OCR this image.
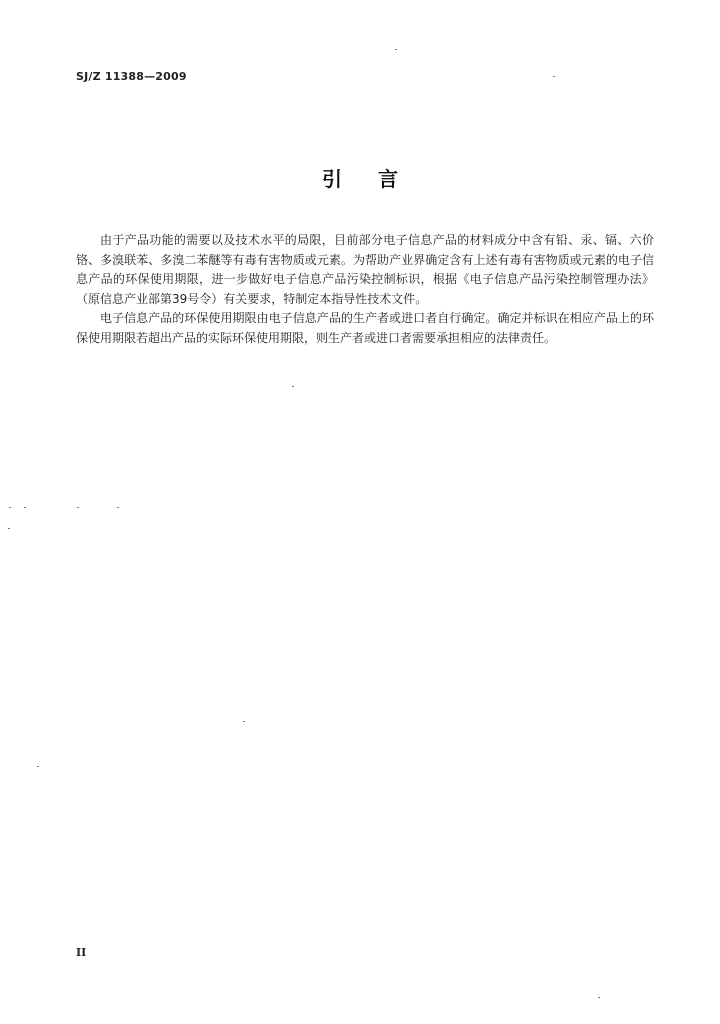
SJ/Z 11388—2009
引言

由于产品功能的需要以及技术水平的局限，目前部分电子信息产品的材料成分中含有铅、汞、镉、六价铬、多溴联苯、多溴二苯醚等有毒有害物质或元素。为帮助产业界确定含有上述有毒有害物质或元素的电子信息产品的环保使用期限，进一步做好电子信息产品污染控制标识，根据《电子信息产品污染控制管理办法》（原信息产业部第39号令）有关要求，特制定本指导性技术文件。

电子信息产品的环保使用期限由电子信息产品的生产者或进口者自行确定。确定并标识在相应产品上的环保使用期限若超出产品的实际环保使用期限，则生产者或进口者需要承担相应的法律责任。

II
